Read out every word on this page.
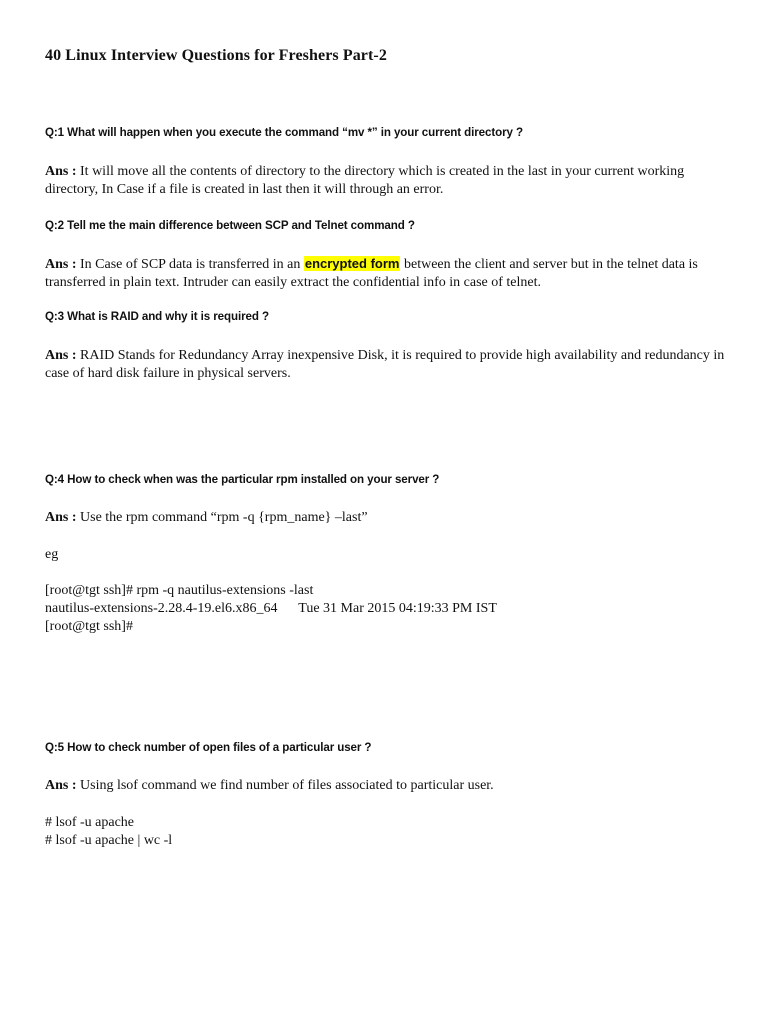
40 Linux Interview Questions for Freshers Part-2
Q:1 What will happen when you execute the command “mv *” in your current directory ?
Ans : It will move all the contents of directory to the directory which is created in the last in your current working directory, In Case if a file is created in last then it will through an error.
Q:2 Tell me the main difference between SCP and Telnet command ?
Ans : In Case of SCP data is transferred in an encrypted form between the client and server but in the telnet data is transferred in plain text. Intruder can easily extract the confidential info in case of telnet.
Q:3 What is RAID and why it is required ?
Ans : RAID Stands for Redundancy Array inexpensive Disk, it is required to provide high availability and redundancy in case of hard disk failure in physical servers.
Q:4 How to check when was the particular rpm installed on your server ?
Ans : Use the rpm command “rpm -q {rpm_name} –last”
eg
[root@tgt ssh]# rpm -q nautilus-extensions -last
nautilus-extensions-2.28.4-19.el6.x86_64      Tue 31 Mar 2015 04:19:33 PM IST
[root@tgt ssh]#
Q:5 How to check number of open files of a particular user ?
Ans : Using lsof command we find number of files associated to particular user.
# lsof -u apache
# lsof -u apache | wc -l
